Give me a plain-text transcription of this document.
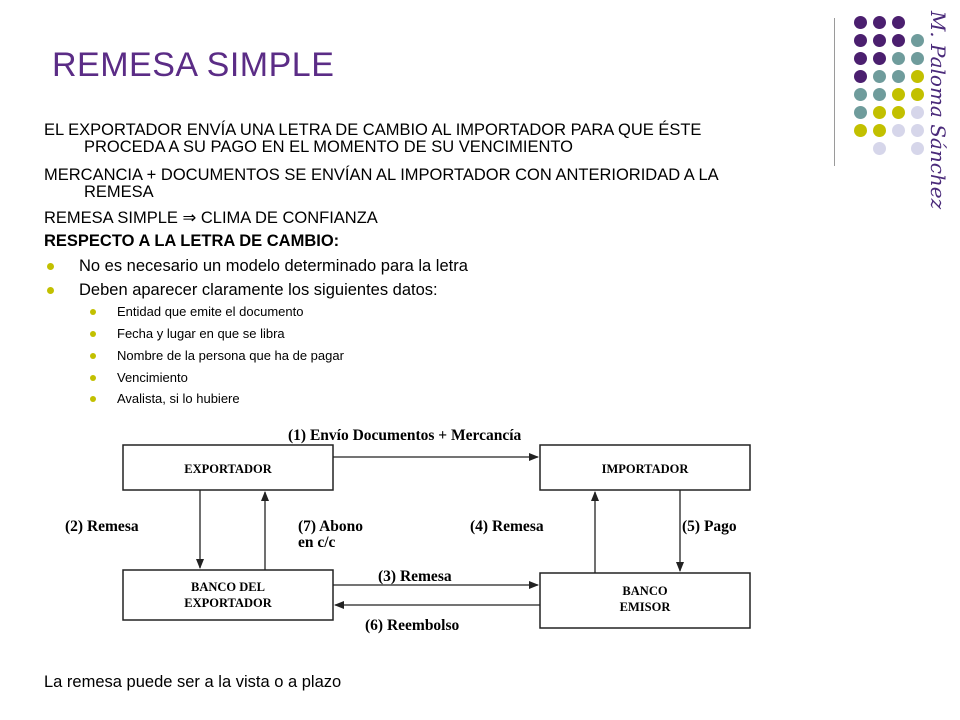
REMESA SIMPLE
EL EXPORTADOR ENVÍA UNA LETRA DE CAMBIO AL IMPORTADOR PARA QUE ÉSTE
PROCEDA A SU PAGO EN EL MOMENTO DE SU VENCIMIENTO
MERCANCIA + DOCUMENTOS SE ENVÍAN AL IMPORTADOR CON ANTERIORIDAD A LA
REMESA
REMESA SIMPLE ⇒ CLIMA DE CONFIANZA
RESPECTO A LA LETRA DE CAMBIO:
No es necesario un modelo determinado para la letra
Deben aparecer claramente los siguientes datos:
Entidad que emite el documento
Fecha y lugar en que se libra
Nombre de la persona que ha de pagar
Vencimiento
Avalista, si lo hubiere
M. Paloma Sánchez
EXPORTADOR	IMPORTADOR
BANCO DEL
EXPORTADOR
BANCO
EMISOR
(1) Envío Documentos + Mercancía
(2) Remesa	(7) Abono
en c/c
(4) Remesa	(5) Pago
(3) Remesa
(6) Reembolso
La remesa puede ser a la vista o a plazo
